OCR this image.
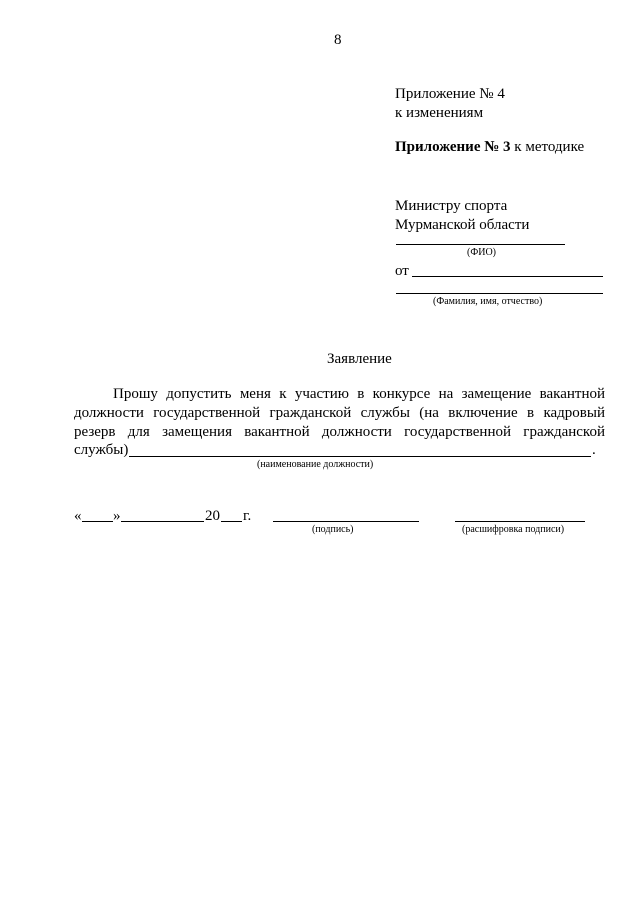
8
Приложение № 4
к изменениям
Приложение № 3 к методике
Министру спорта
Мурманской области
(ФИО)
от
(Фамилия, имя, отчество)
Заявление
Прошу допустить меня к участию в конкурсе на замещение вакантной
должности государственной гражданской службы (на включение в кадровый
резерв для замещения вакантной должности государственной гражданской
службы)	.
(наименование должности)
« »	20 г.
(подпись)	(расшифровка подписи)
